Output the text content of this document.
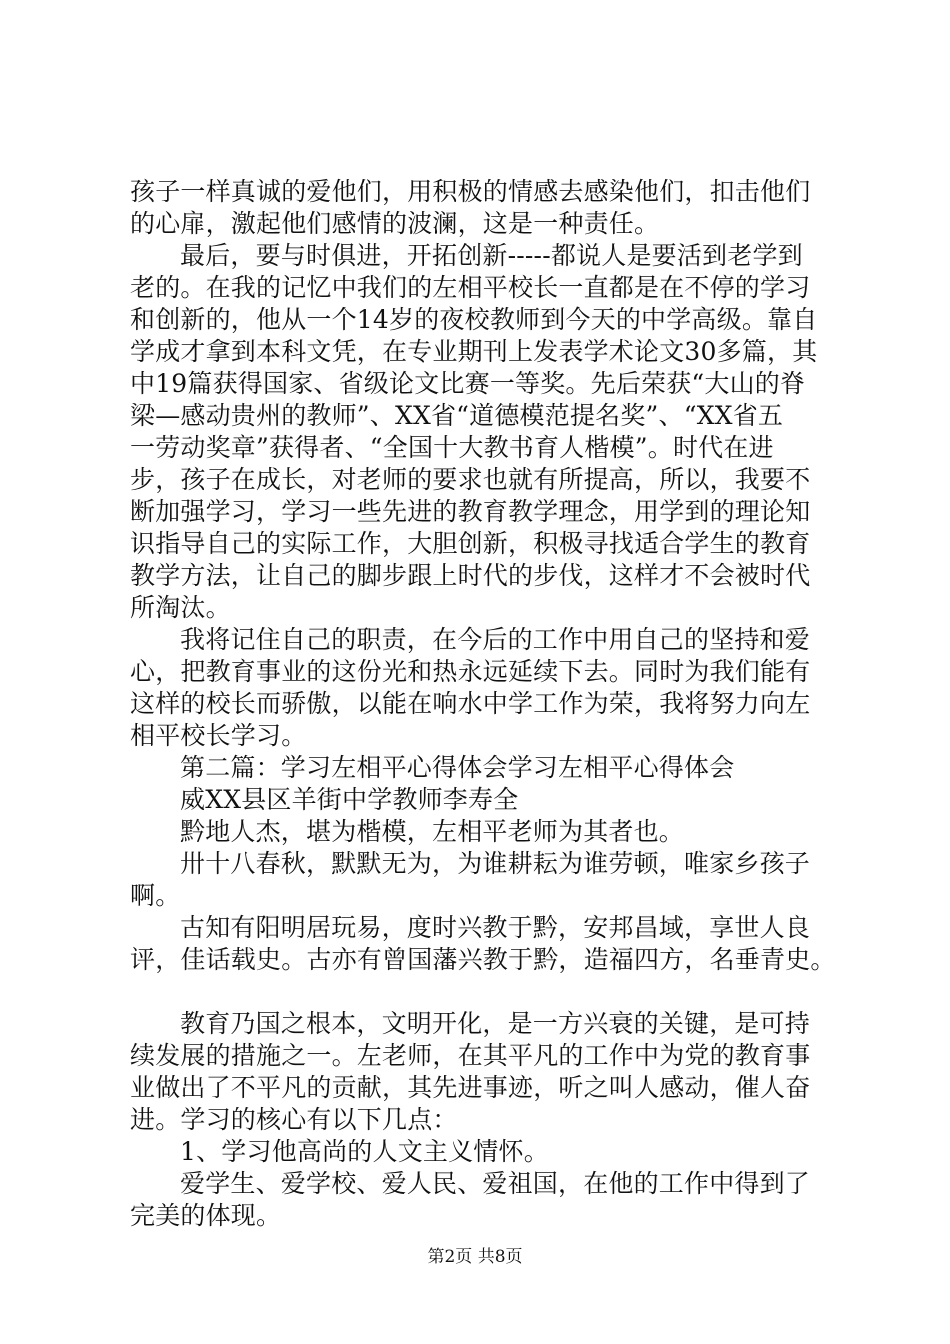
孩子一样真诚的爱他们，用积极的情感去感染他们，扣击他们
的心扉，激起他们感情的波澜，这是一种责任。
最后，要与时俱进，开拓创新-----都说人是要活到老学到
老的。在我的记忆中我们的左相平校长一直都是在不停的学习
和创新的，他从一个14岁的夜校教师到今天的中学高级。靠自
学成才拿到本科文凭，在专业期刊上发表学术论文30多篇，其
中19篇获得国家、省级论文比赛一等奖。先后荣获“大山的脊
梁—感动贵州的教师”、XX省“道德模范提名奖”、“XX省五
一劳动奖章”获得者、“全国十大教书育人楷模”。时代在进
步，孩子在成长，对老师的要求也就有所提高，所以，我要不
断加强学习，学习一些先进的教育教学理念，用学到的理论知
识指导自己的实际工作，大胆创新，积极寻找适合学生的教育
教学方法，让自己的脚步跟上时代的步伐，这样才不会被时代
所淘汰。
我将记住自己的职责，在今后的工作中用自己的坚持和爱
心，把教育事业的这份光和热永远延续下去。同时为我们能有
这样的校长而骄傲，以能在响水中学工作为荣，我将努力向左
相平校长学习。
第二篇：学习左相平心得体会学习左相平心得体会
威XX县区羊街中学教师李寿全
黔地人杰，堪为楷模，左相平老师为其者也。
卅十八春秋，默默无为，为谁耕耘为谁劳顿，唯家乡孩子
啊。
古知有阳明居玩易，度时兴教于黔，安邦昌域，享世人良
评，佳话载史。古亦有曾国藩兴教于黔，造福四方，名垂青史。
教育乃国之根本，文明开化，是一方兴衰的关键，是可持
续发展的措施之一。左老师，在其平凡的工作中为党的教育事
业做出了不平凡的贡献，其先进事迹，听之叫人感动，催人奋
进。学习的核心有以下几点：
1、学习他高尚的人文主义情怀。
爱学生、爱学校、爱人民、爱祖国，在他的工作中得到了
完美的体现。
第2页 共8页
